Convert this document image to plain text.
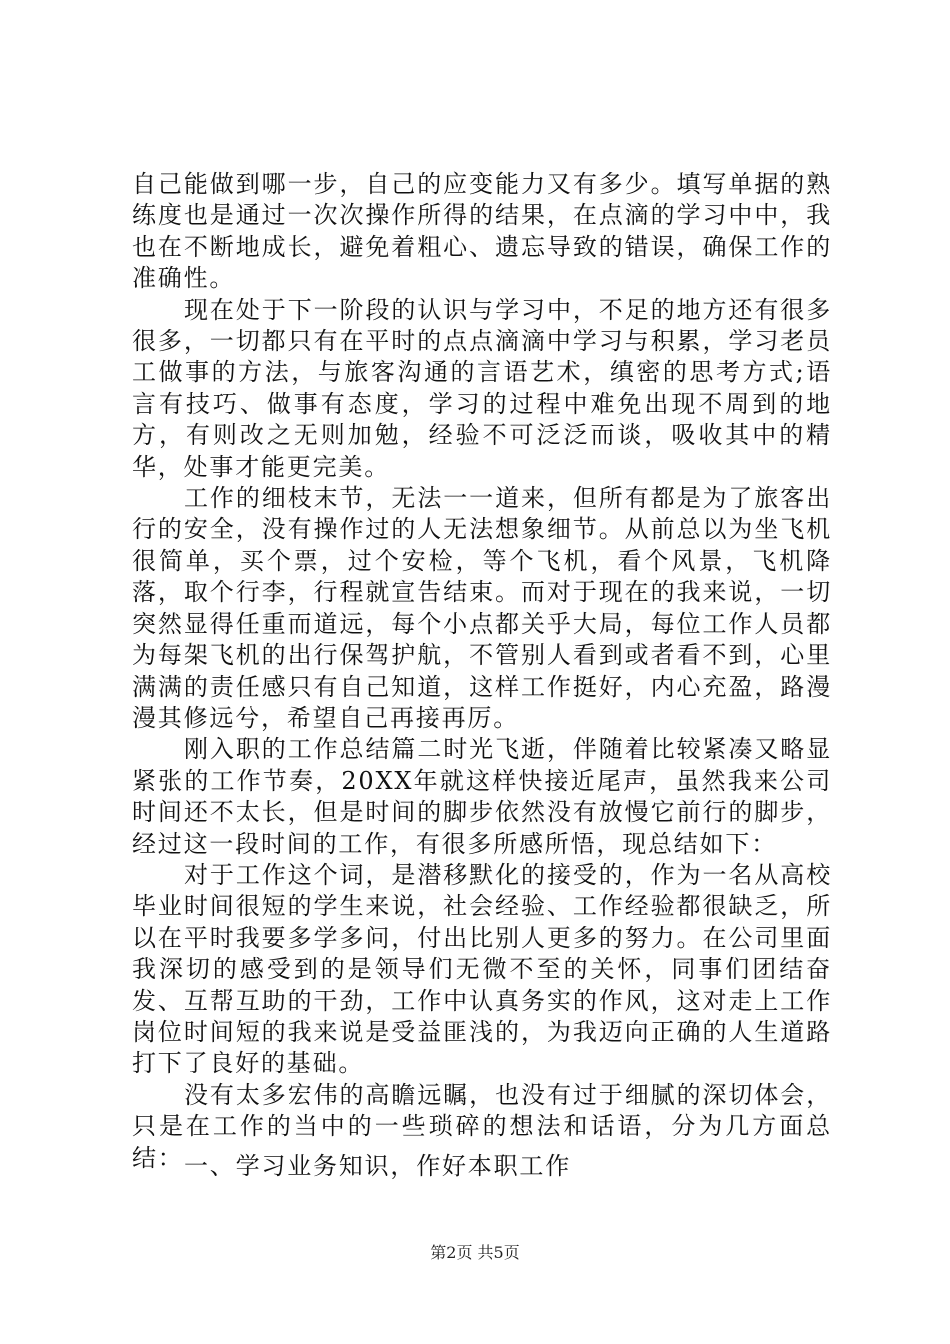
自己能做到哪一步，自己的应变能力又有多少。填写单据的熟练度也是通过一次次操作所得的结果，在点滴的学习中中，我也在不断地成长，避免着粗心、遗忘导致的错误，确保工作的准确性。

现在处于下一阶段的认识与学习中，不足的地方还有很多很多，一切都只有在平时的点点滴滴中学习与积累，学习老员工做事的方法，与旅客沟通的言语艺术，缜密的思考方式;语言有技巧、做事有态度，学习的过程中难免出现不周到的地方，有则改之无则加勉，经验不可泛泛而谈，吸收其中的精华，处事才能更完美。

工作的细枝末节，无法一一道来，但所有都是为了旅客出行的安全，没有操作过的人无法想象细节。从前总以为坐飞机很简单，买个票，过个安检，等个飞机，看个风景，飞机降落，取个行李，行程就宣告结束。而对于现在的我来说，一切突然显得任重而道远，每个小点都关乎大局，每位工作人员都为每架飞机的出行保驾护航，不管别人看到或者看不到，心里满满的责任感只有自己知道，这样工作挺好，内心充盈，路漫漫其修远兮，希望自己再接再厉。

刚入职的工作总结篇二时光飞逝，伴随着比较紧凑又略显紧张的工作节奏，20XX年就这样快接近尾声，虽然我来公司时间还不太长，但是时间的脚步依然没有放慢它前行的脚步，经过这一段时间的工作，有很多所感所悟，现总结如下：

对于工作这个词，是潜移默化的接受的，作为一名从高校毕业时间很短的学生来说，社会经验、工作经验都很缺乏，所以在平时我要多学多问，付出比别人更多的努力。在公司里面我深切的感受到的是领导们无微不至的关怀，同事们团结奋发、互帮互助的干劲，工作中认真务实的作风，这对走上工作岗位时间短的我来说是受益匪浅的，为我迈向正确的人生道路打下了良好的基础。

没有太多宏伟的高瞻远瞩，也没有过于细腻的深切体会，只是在工作的当中的一些琐碎的想法和话语，分为几方面总结： 一、学习业务知识，作好本职工作

第2页 共5页
